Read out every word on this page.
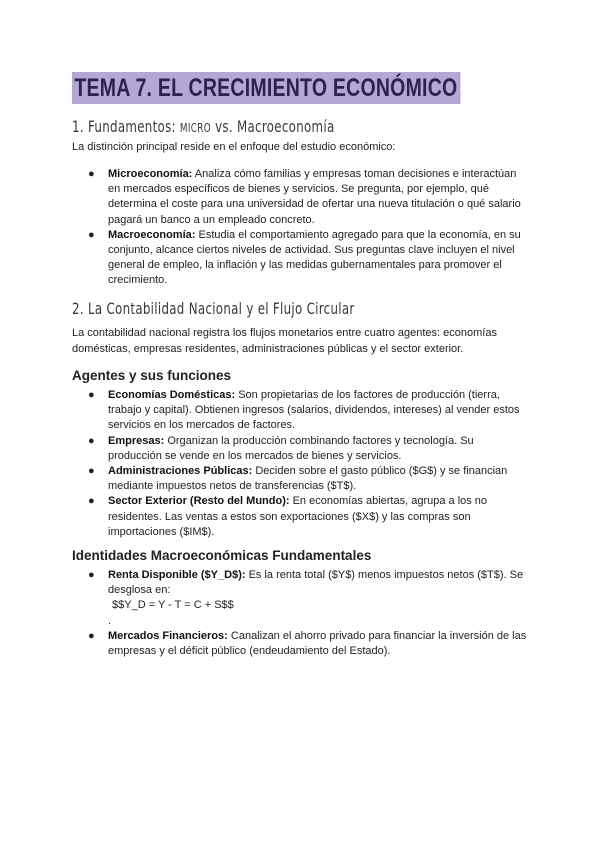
TEMA 7. EL CRECIMIENTO ECONÓMICO
1. Fundamentos: MICRO vs. Macroeconomía
La distinción principal reside en el enfoque del estudio económico:
● Microeconomía: Analiza cómo familias y empresas toman decisiones e interactúan en mercados específicos de bienes y servicios. Se pregunta, por ejemplo, qué determina el coste para una universidad de ofertar una nueva titulación o qué salario pagará un banco a un empleado concreto.
● Macroeconomía: Estudia el comportamiento agregado para que la economía, en su conjunto, alcance ciertos niveles de actividad. Sus preguntas clave incluyen el nivel general de empleo, la inflación y las medidas gubernamentales para promover el crecimiento.
2. La Contabilidad Nacional y el Flujo Circular
La contabilidad nacional registra los flujos monetarios entre cuatro agentes: economías domésticas, empresas residentes, administraciones públicas y el sector exterior.
Agentes y sus funciones
● Economías Domésticas: Son propietarias de los factores de producción (tierra, trabajo y capital). Obtienen ingresos (salarios, dividendos, intereses) al vender estos servicios en los mercados de factores.
● Empresas: Organizan la producción combinando factores y tecnología. Su producción se vende en los mercados de bienes y servicios.
● Administraciones Públicas: Deciden sobre el gasto público ($G$) y se financian mediante impuestos netos de transferencias ($T$).
● Sector Exterior (Resto del Mundo): En economías abiertas, agrupa a los no residentes. Las ventas a estos son exportaciones ($X$) y las compras son importaciones ($IM$).
Identidades Macroeconómicas Fundamentales
● Renta Disponible ($Y_D$): Es la renta total ($Y$) menos impuestos netos ($T$). Se desglosa en:
$$Y_D = Y - T = C + S$$
.
● Mercados Financieros: Canalizan el ahorro privado para financiar la inversión de las empresas y el déficit público (endeudamiento del Estado).
